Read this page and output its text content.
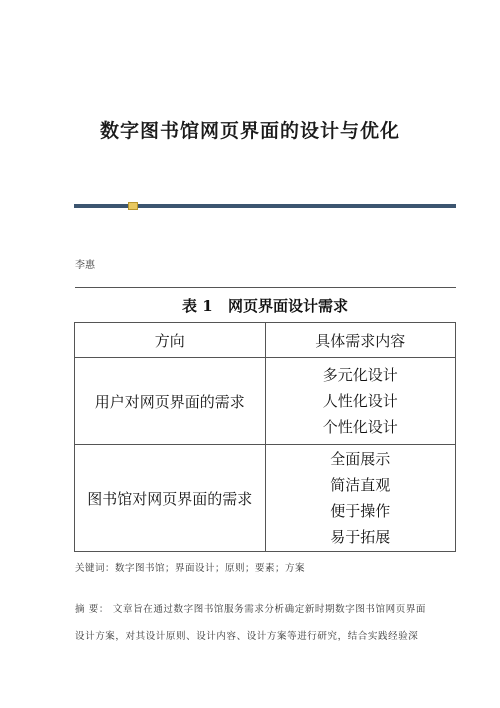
数字图书馆网页界面的设计与优化
李惠
表 1 网页界面设计需求	
方向	具体需求内容
用户对网页界面的需求	多元化设计
人性化设计
个性化设计

图书馆对网页界面的需求	全面展示
简洁直观
便于操作
易于拓展
关键词：数字图书馆；界面设计；原则；要素；方案
摘 要： 文章旨在通过数字图书馆服务需求分析确定新时期数字图书馆网页界面
设计方案，对其设计原则、设计内容、设计方案等进行研究，结合实践经验深
